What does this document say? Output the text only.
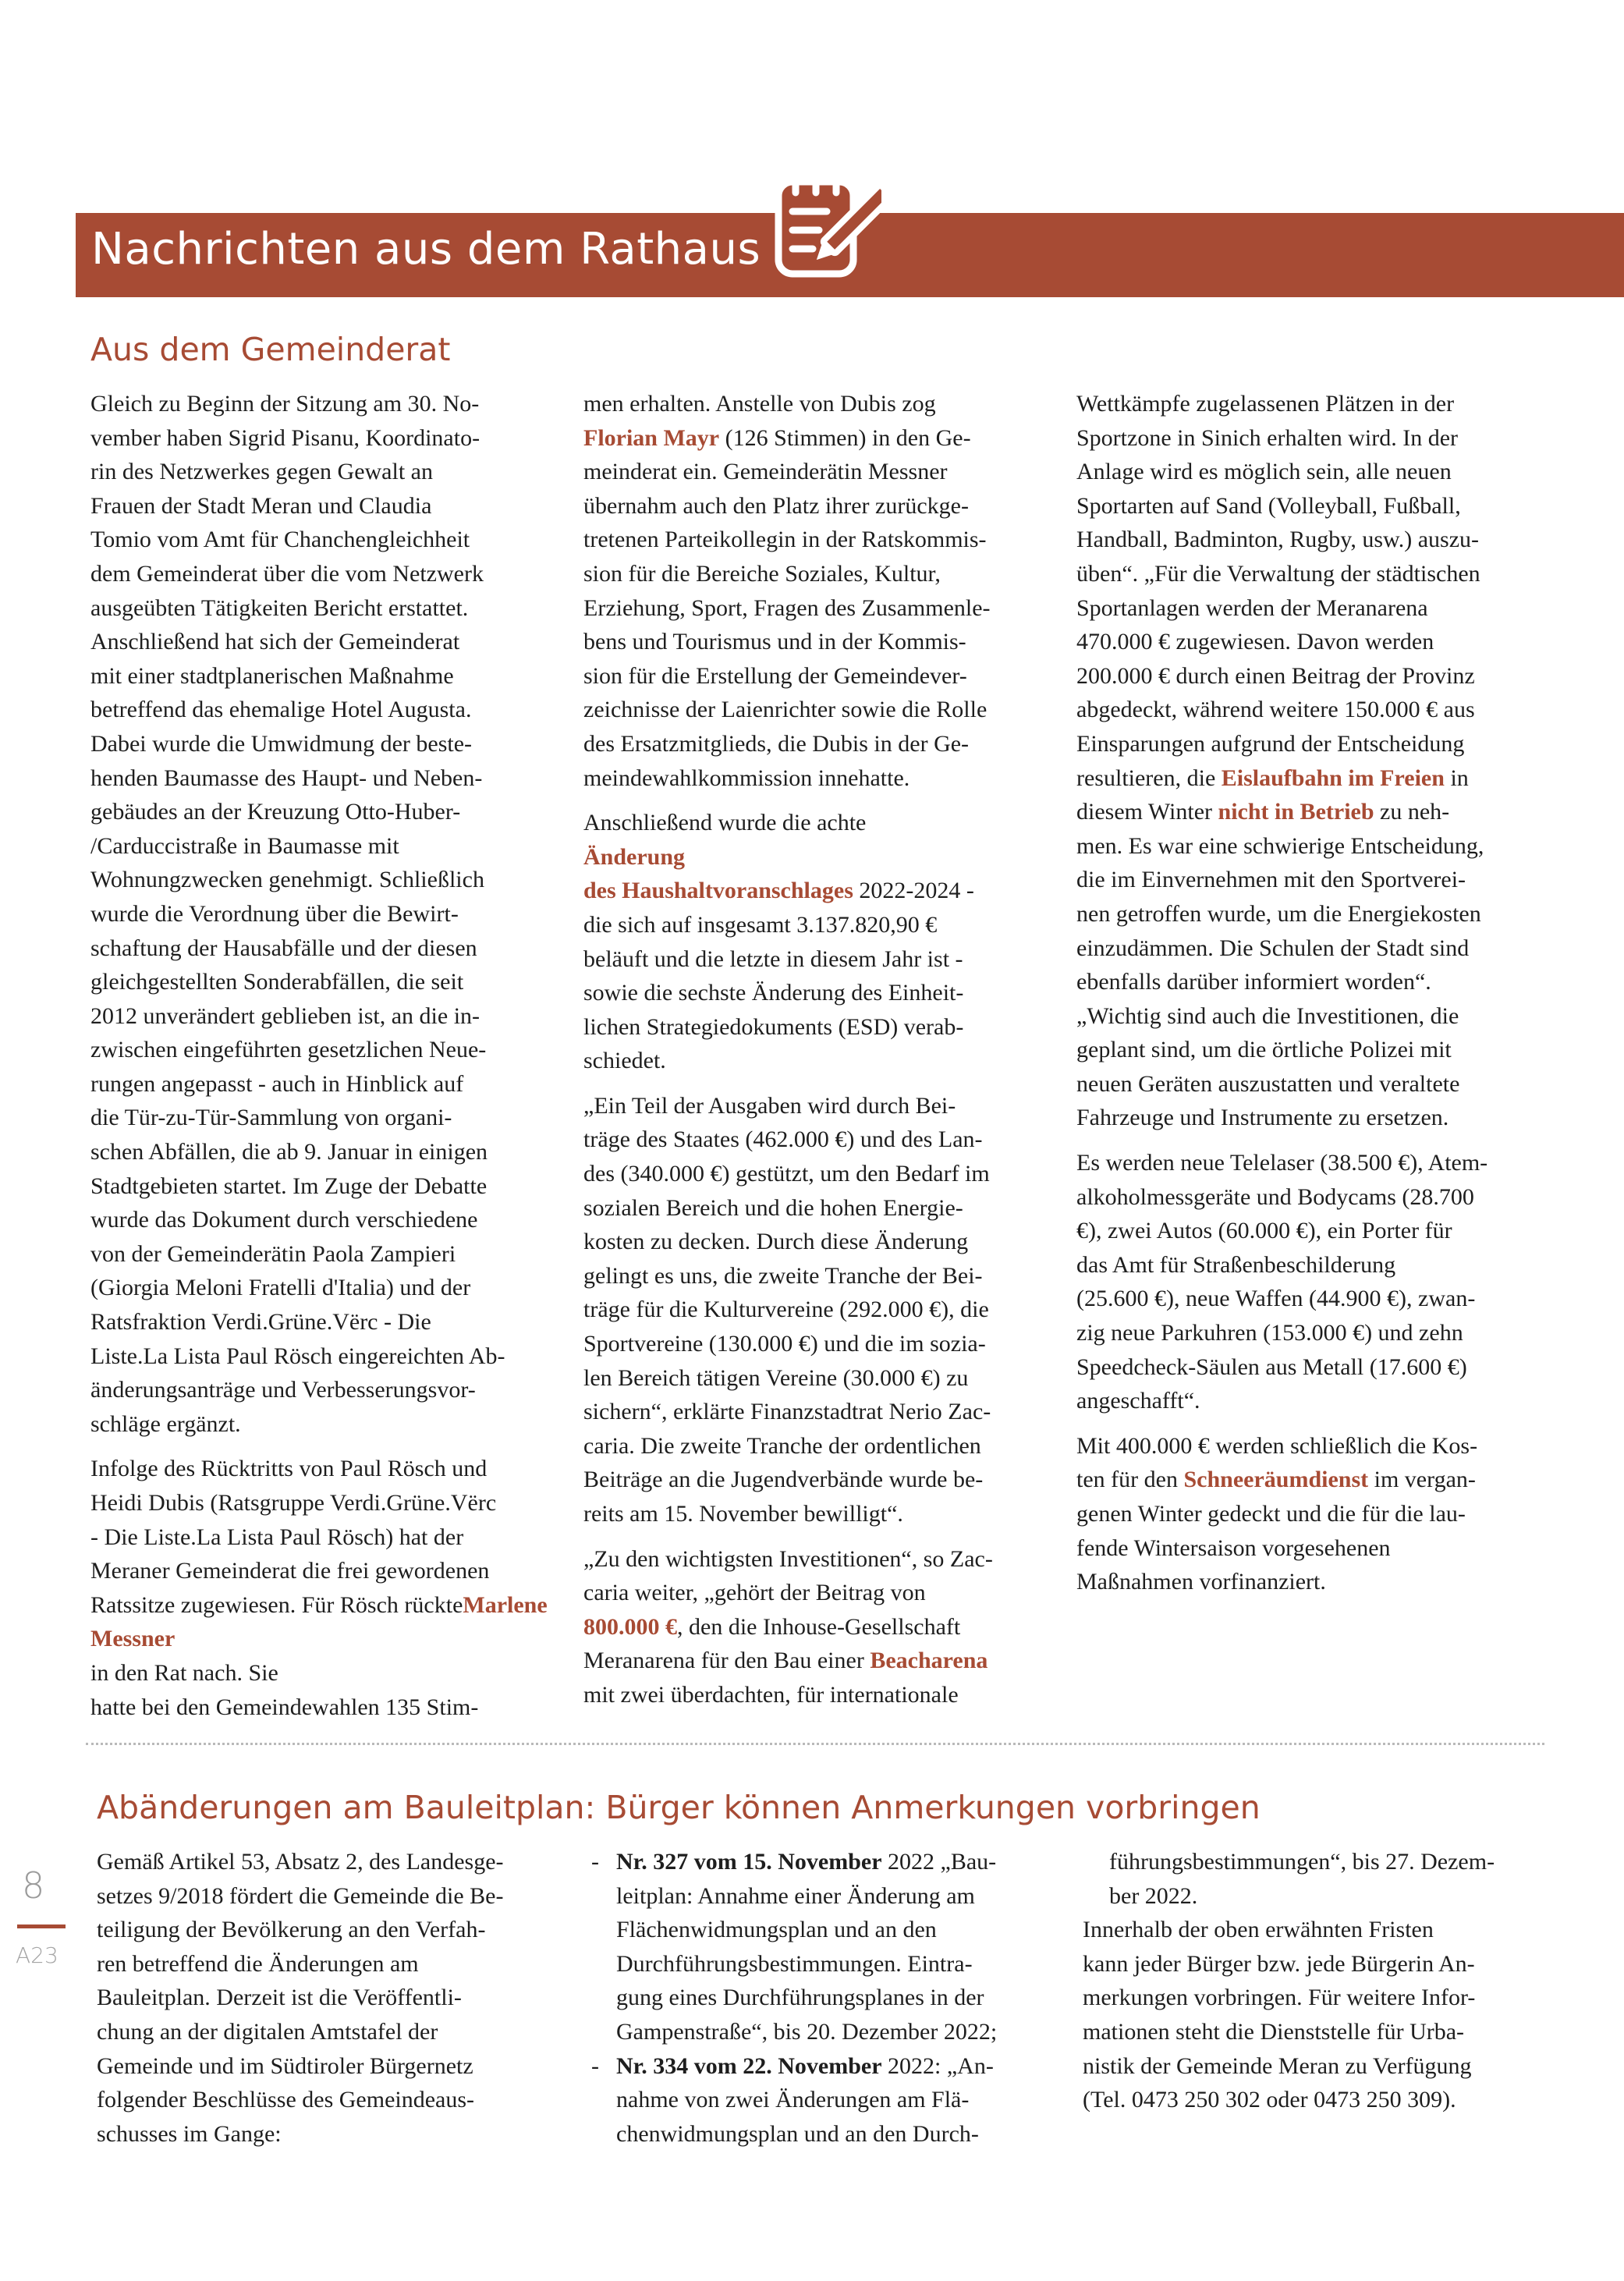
Nachrichten aus dem Rathaus
Aus dem Gemeinderat

Gleich zu Beginn der Sitzung am 30. No-
vember haben Sigrid Pisanu, Koordinato-
rin des Netzwerkes gegen Gewalt an
Frauen der Stadt Meran und Claudia
Tomio vom Amt für Chanchengleichheit
dem Gemeinderat über die vom Netzwerk
ausgeübten Tätigkeiten Bericht erstattet.
Anschließend hat sich der Gemeinderat
mit einer stadtplanerischen Maßnahme
betreffend das ehemalige Hotel Augusta.
Dabei wurde die Umwidmung der beste-
henden Baumasse des Haupt- und Neben-
gebäudes an der Kreuzung Otto-Huber-
/Carduccistraße in Baumasse mit
Wohnungzwecken genehmigt. Schließlich
wurde die Verordnung über die Bewirt-
schaftung der Hausabfälle und der diesen
gleichgestellten Sonderabfällen, die seit
2012 unverändert geblieben ist, an die in-
zwischen eingeführten gesetzlichen Neue-
rungen angepasst - auch in Hinblick auf
die Tür-zu-Tür-Sammlung von organi-
schen Abfällen, die ab 9. Januar in einigen
Stadtgebieten startet. Im Zuge der Debatte
wurde das Dokument durch verschiedene
von der Gemeinderätin Paola Zampieri
(Giorgia Meloni Fratelli d'Italia) und der
Ratsfraktion Verdi.Grüne.Vërc - Die
Liste.La Lista Paul Rösch eingereichten Ab-
änderungsanträge und Verbesserungsvor-
schläge ergänzt.

Infolge des Rücktritts von Paul Rösch und
Heidi Dubis (Ratsgruppe Verdi.Grüne.Vërc
- Die Liste.La Lista Paul Rösch) hat der
Meraner Gemeinderat die frei gewordenen
Ratssitze zugewiesen. Für Rösch rückteMarlene Messner
in den Rat nach. Sie
hatte bei den Gemeindewahlen 135 Stim-

men erhalten. Anstelle von Dubis zog
Florian Mayr (126 Stimmen) in den Ge-
meinderat ein. Gemeinderätin Messner
übernahm auch den Platz ihrer zurückge-
tretenen Parteikollegin in der Ratskommis-
sion für die Bereiche Soziales, Kultur,
Erziehung, Sport, Fragen des Zusammenle-
bens und Tourismus und in der Kommis-
sion für die Erstellung der Gemeindever-
zeichnisse der Laienrichter sowie die Rolle
des Ersatzmitglieds, die Dubis in der Ge-
meindewahlkommission innehatte.

Anschließend wurde die achte
Änderung
des Haushaltvoranschlages 2022-2024 -
die sich auf insgesamt 3.137.820,90 €
beläuft und die letzte in diesem Jahr ist -
sowie die sechste Änderung des Einheit-
lichen Strategiedokuments (ESD) verab-
schiedet.

„Ein Teil der Ausgaben wird durch Bei-
träge des Staates (462.000 €) und des Lan-
des (340.000 €) gestützt, um den Bedarf im
sozialen Bereich und die hohen Energie-
kosten zu decken. Durch diese Änderung
gelingt es uns, die zweite Tranche der Bei-
träge für die Kulturvereine (292.000 €), die
Sportvereine (130.000 €) und die im sozia-
len Bereich tätigen Vereine (30.000 €) zu
sichern“, erklärte Finanzstadtrat Nerio Zac-
caria. Die zweite Tranche der ordentlichen
Beiträge an die Jugendverbände wurde be-
reits am 15. November bewilligt“.

„Zu den wichtigsten Investitionen“, so Zac-
caria weiter, „gehört der Beitrag von
800.000 €, den die Inhouse-Gesellschaft
Meranarena für den Bau einer Beacharena
mit zwei überdachten, für internationale

Wettkämpfe zugelassenen Plätzen in der
Sportzone in Sinich erhalten wird. In der
Anlage wird es möglich sein, alle neuen
Sportarten auf Sand (Volleyball, Fußball,
Handball, Badminton, Rugby, usw.) auszu-
üben“. „Für die Verwaltung der städtischen
Sportanlagen werden der Meranarena
470.000 € zugewiesen. Davon werden
200.000 € durch einen Beitrag der Provinz
abgedeckt, während weitere 150.000 € aus
Einsparungen aufgrund der Entscheidung
resultieren, die Eislaufbahn im Freien in
diesem Winter nicht in Betrieb zu neh-
men. Es war eine schwierige Entscheidung,
die im Einvernehmen mit den Sportverei-
nen getroffen wurde, um die Energiekosten
einzudämmen. Die Schulen der Stadt sind
ebenfalls darüber informiert worden“.
„Wichtig sind auch die Investitionen, die
geplant sind, um die örtliche Polizei mit
neuen Geräten auszustatten und veraltete
Fahrzeuge und Instrumente zu ersetzen.

Es werden neue Telelaser (38.500 €), Atem-
alkoholmessgeräte und Bodycams (28.700
€), zwei Autos (60.000 €), ein Porter für
das Amt für Straßenbeschilderung
(25.600 €), neue Waffen (44.900 €), zwan-
zig neue Parkuhren (153.000 €) und zehn
Speedcheck-Säulen aus Metall (17.600 €)
angeschafft“.

Mit 400.000 € werden schließlich die Kos-
ten für den Schneeräumdienst im vergan-
genen Winter gedeckt und die für die lau-
fende Wintersaison vorgesehenen
Maßnahmen vorfinanziert.

Abänderungen am Bauleitplan: Bürger können Anmerkungen vorbringen

Gemäß Artikel 53, Absatz 2, des Landesge-
setzes 9/2018 fördert die Gemeinde die Be-
teiligung der Bevölkerung an den Verfah-
ren betreffend die Änderungen am
Bauleitplan. Derzeit ist die Veröffentli-
chung an der digitalen Amtstafel der
Gemeinde und im Südtiroler Bürgernetz
folgender Beschlüsse des Gemeindeaus-
schusses im Gange:

- Nr. 327 vom 15. November 2022 „Bau-
leitplan: Annahme einer Änderung am
Flächenwidmungsplan und an den
Durchführungsbestimmungen. Eintra-
gung eines Durchführungsplanes in der
Gampenstraße“, bis 20. Dezember 2022;
- Nr. 334 vom 22. November 2022: „An-
nahme von zwei Änderungen am Flä-
chenwidmungsplan und an den Durch-
führungsbestimmungen“, bis 27. Dezem-
ber 2022.
Innerhalb der oben erwähnten Fristen
kann jeder Bürger bzw. jede Bürgerin An-
merkungen vorbringen. Für weitere Infor-
mationen steht die Dienststelle für Urba-
nistik der Gemeinde Meran zu Verfügung
(Tel. 0473 250 302 oder 0473 250 309).
8
A23
